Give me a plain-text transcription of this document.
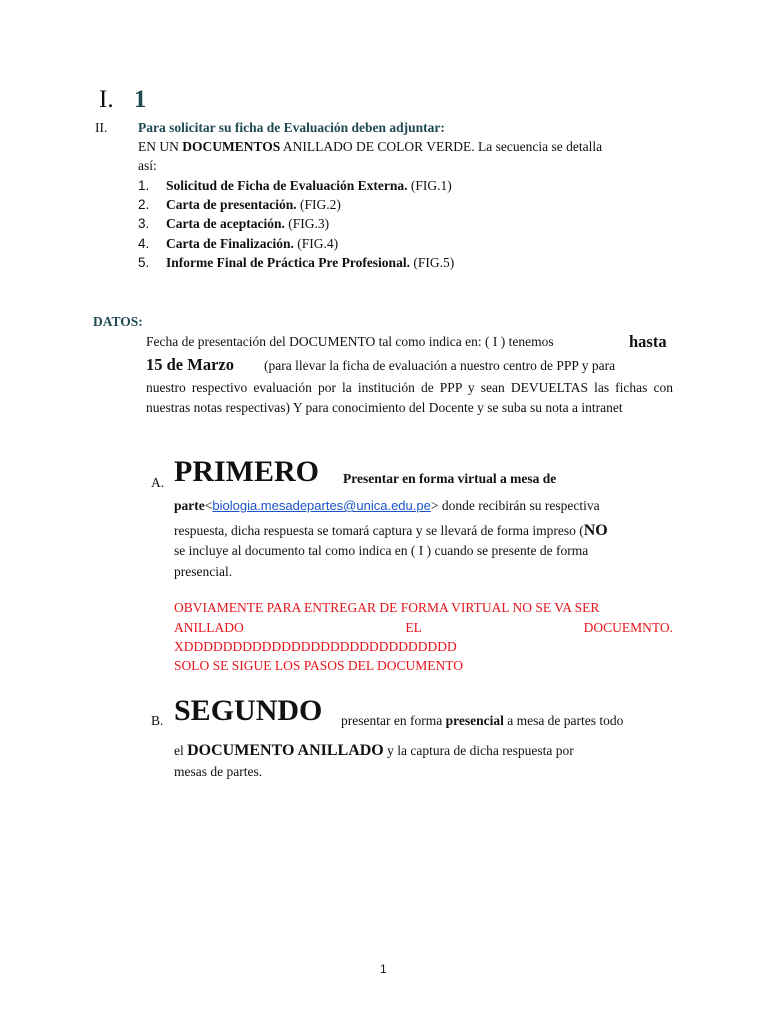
I. 1
II. Para solicitar su ficha de Evaluación deben adjuntar:
EN UN DOCUMENTOS ANILLADO DE COLOR VERDE. La secuencia se detalla
así:
1. Solicitud de Ficha de Evaluación Externa. (FIG.1)
2. Carta de presentación. (FIG.2)
3. Carta de aceptación. (FIG.3)
4. Carta de Finalización. (FIG.4)
5. Informe Final de Práctica Pre Profesional. (FIG.5)
DATOS:
Fecha de presentación del DOCUMENTO tal como indica en: ( I ) tenemos	hasta
15 de Marzo (para llevar la ficha de evaluación a nuestro centro de PPP y para
nuestro respectivo evaluación por la institución de PPP y sean DEVUELTAS las fichas con nuestras notas respectivas) Y para conocimiento del Docente y se suba su nota a intranet
A. PRIMERO Presentar en forma virtual a mesa de
parte<biologia.mesadepartes@unica.edu.pe> donde recibirán su respectiva
respuesta, dicha respuesta se tomará captura y se llevará de forma impreso (NO
se incluye al documento tal como indica en ( I ) cuando se presente de forma
presencial.
OBVIAMENTE PARA ENTREGAR DE FORMA VIRTUAL NO SE VA SER
ANILLADO	EL	DOCUEMNTO.
XDDDDDDDDDDDDDDDDDDDDDDDDDDDD
SOLO SE SIGUE LOS PASOS DEL DOCUMENTO
B. SEGUNDO presentar en forma presencial a mesa de partes todo
el DOCUMENTO ANILLADO y la captura de dicha respuesta por
mesas de partes.
1
